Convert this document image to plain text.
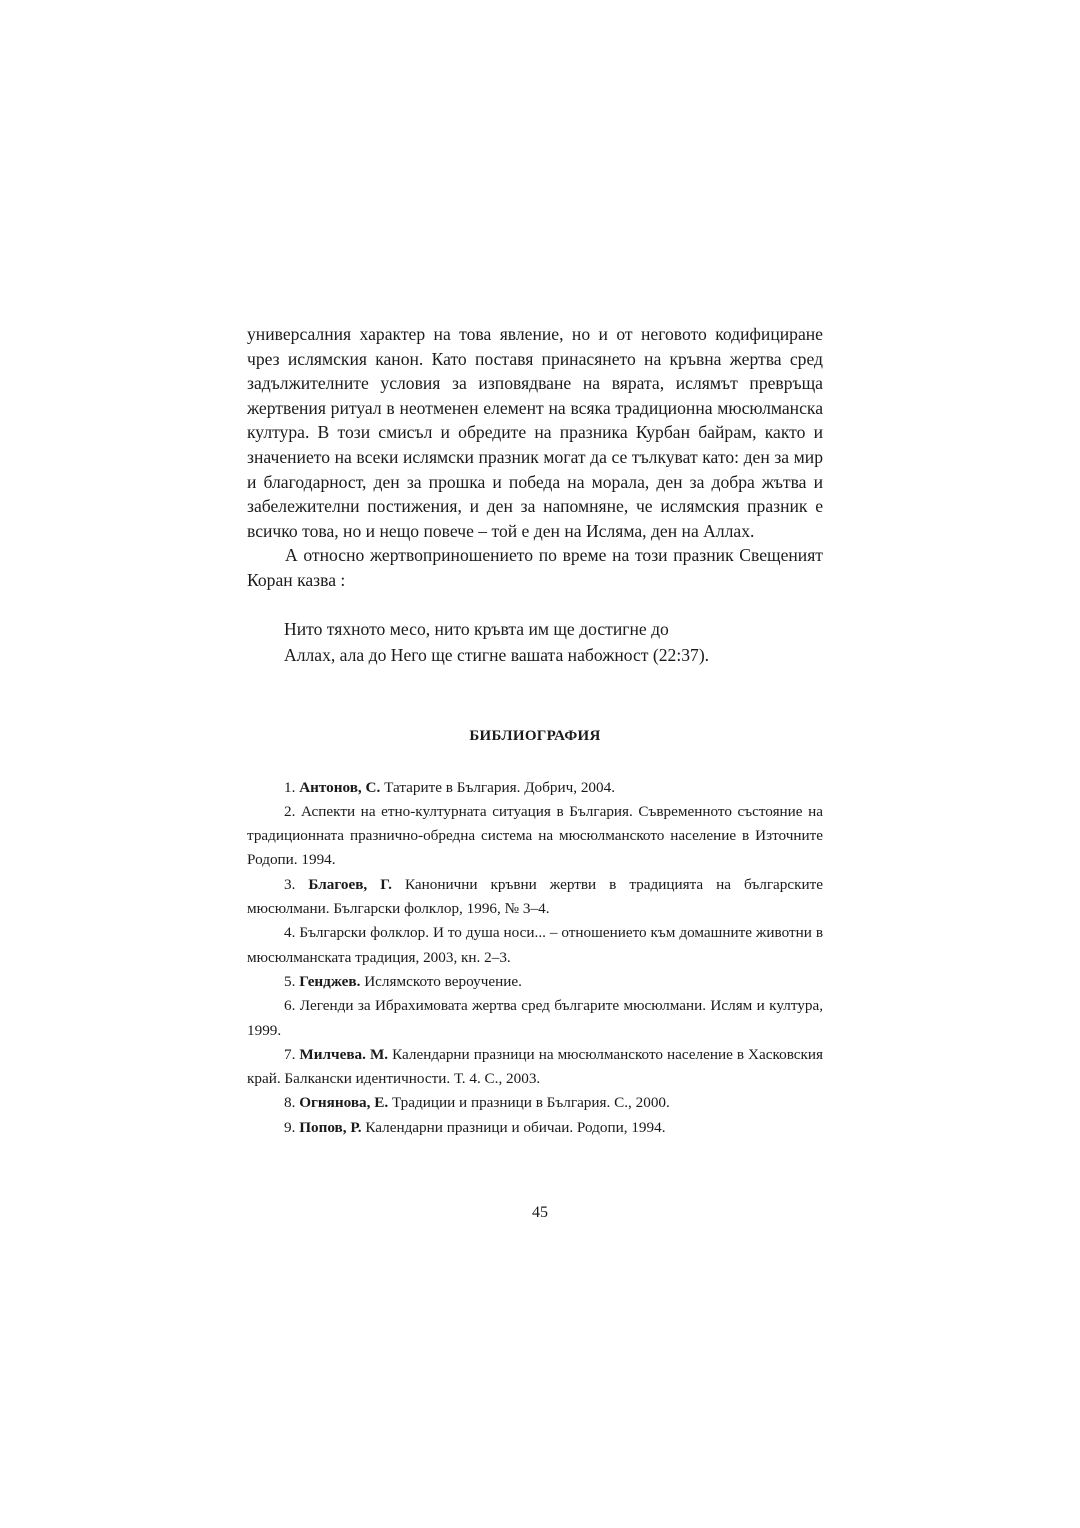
универсалния характер на това явление, но и от неговото кодифициране чрез ислямския канон. Като поставя принасянето на кръвна жертва сред задължителните условия за изповядване на вярата, ислямът превръща жертвения ритуал в неотменен елемент на всяка традиционна мюсюлманска култура. В този смисъл и обредите на празника Курбан байрам, както и значението на всеки ислямски празник могат да се тълкуват като: ден за мир и благодарност, ден за прошка и победа на морала, ден за добра жътва и забележителни постижения, и ден за напомняне, че ислямския празник е всичко това, но и нещо повече – той е ден на Исляма, ден на Аллах.

А относно жертвоприношението по време на този празник Свещеният Коран казва :

Нито тяхното месо, нито кръвта им ще достигне до
Аллах, ала до Него ще стигне вашата набожност (22:37).
БИБЛИОГРАФИЯ
1. Антонов, С. Татарите в България. Добрич, 2004.
2. Аспекти на етно-културната ситуация в България. Съвременното състояние на традиционната празнично-обредна система на мюсюлманското население в Източните Родопи. 1994.
3. Благоев, Г. Канонични кръвни жертви в традицията на българските мюсюлмани. Български фолклор, 1996, № 3–4.
4. Български фолклор. И то душа носи... – отношението към домашните животни в мюсюлманската традиция, 2003, кн. 2–3.
5. Генджев. Ислямското вероучение.
6. Легенди за Ибрахимовата жертва сред българите мюсюлмани. Ислям и култура, 1999.
7. Милчева. М. Календарни празници на мюсюлманското население в Хасковския край. Балкански идентичности. Т. 4. С., 2003.
8. Огнянова, Е. Традиции и празници в България. С., 2000.
9. Попов, Р. Календарни празници и обичаи. Родопи, 1994.
45
